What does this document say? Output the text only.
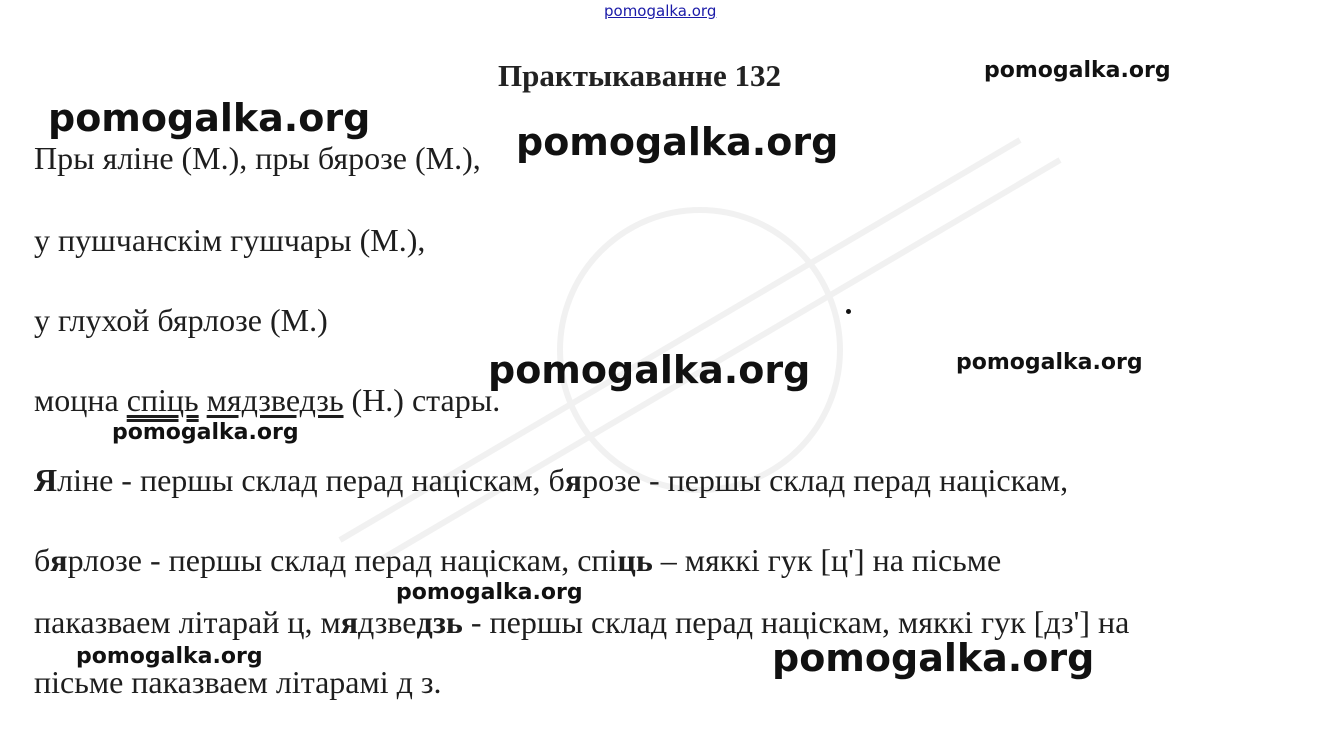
pomogalka.org
Практыкаванне 132	pomogalka.org
pomogalka.org
pomogalka.org
Пры яліне (М.), пры бярозе (М.),
у пушчанскім гушчары (М.),
у глухой бярлозе (М.)
pomogalka.org	pomogalka.org
моцна спіць мядзведзь (Н.) стары.
pomogalka.org
Яліне - першы склад перад націскам, бярозе - першы склад перад націскам,
бярлозе - першы склад перад націскам, спіць – мяккі гук [ц'] на пісьме
pomogalka.org
паказваем літарай ц, мядзведзь - першы склад перад націскам, мяккі гук [дз'] на
pomogalka.org	pomogalka.org
пісьме паказваем літарамі д з.
